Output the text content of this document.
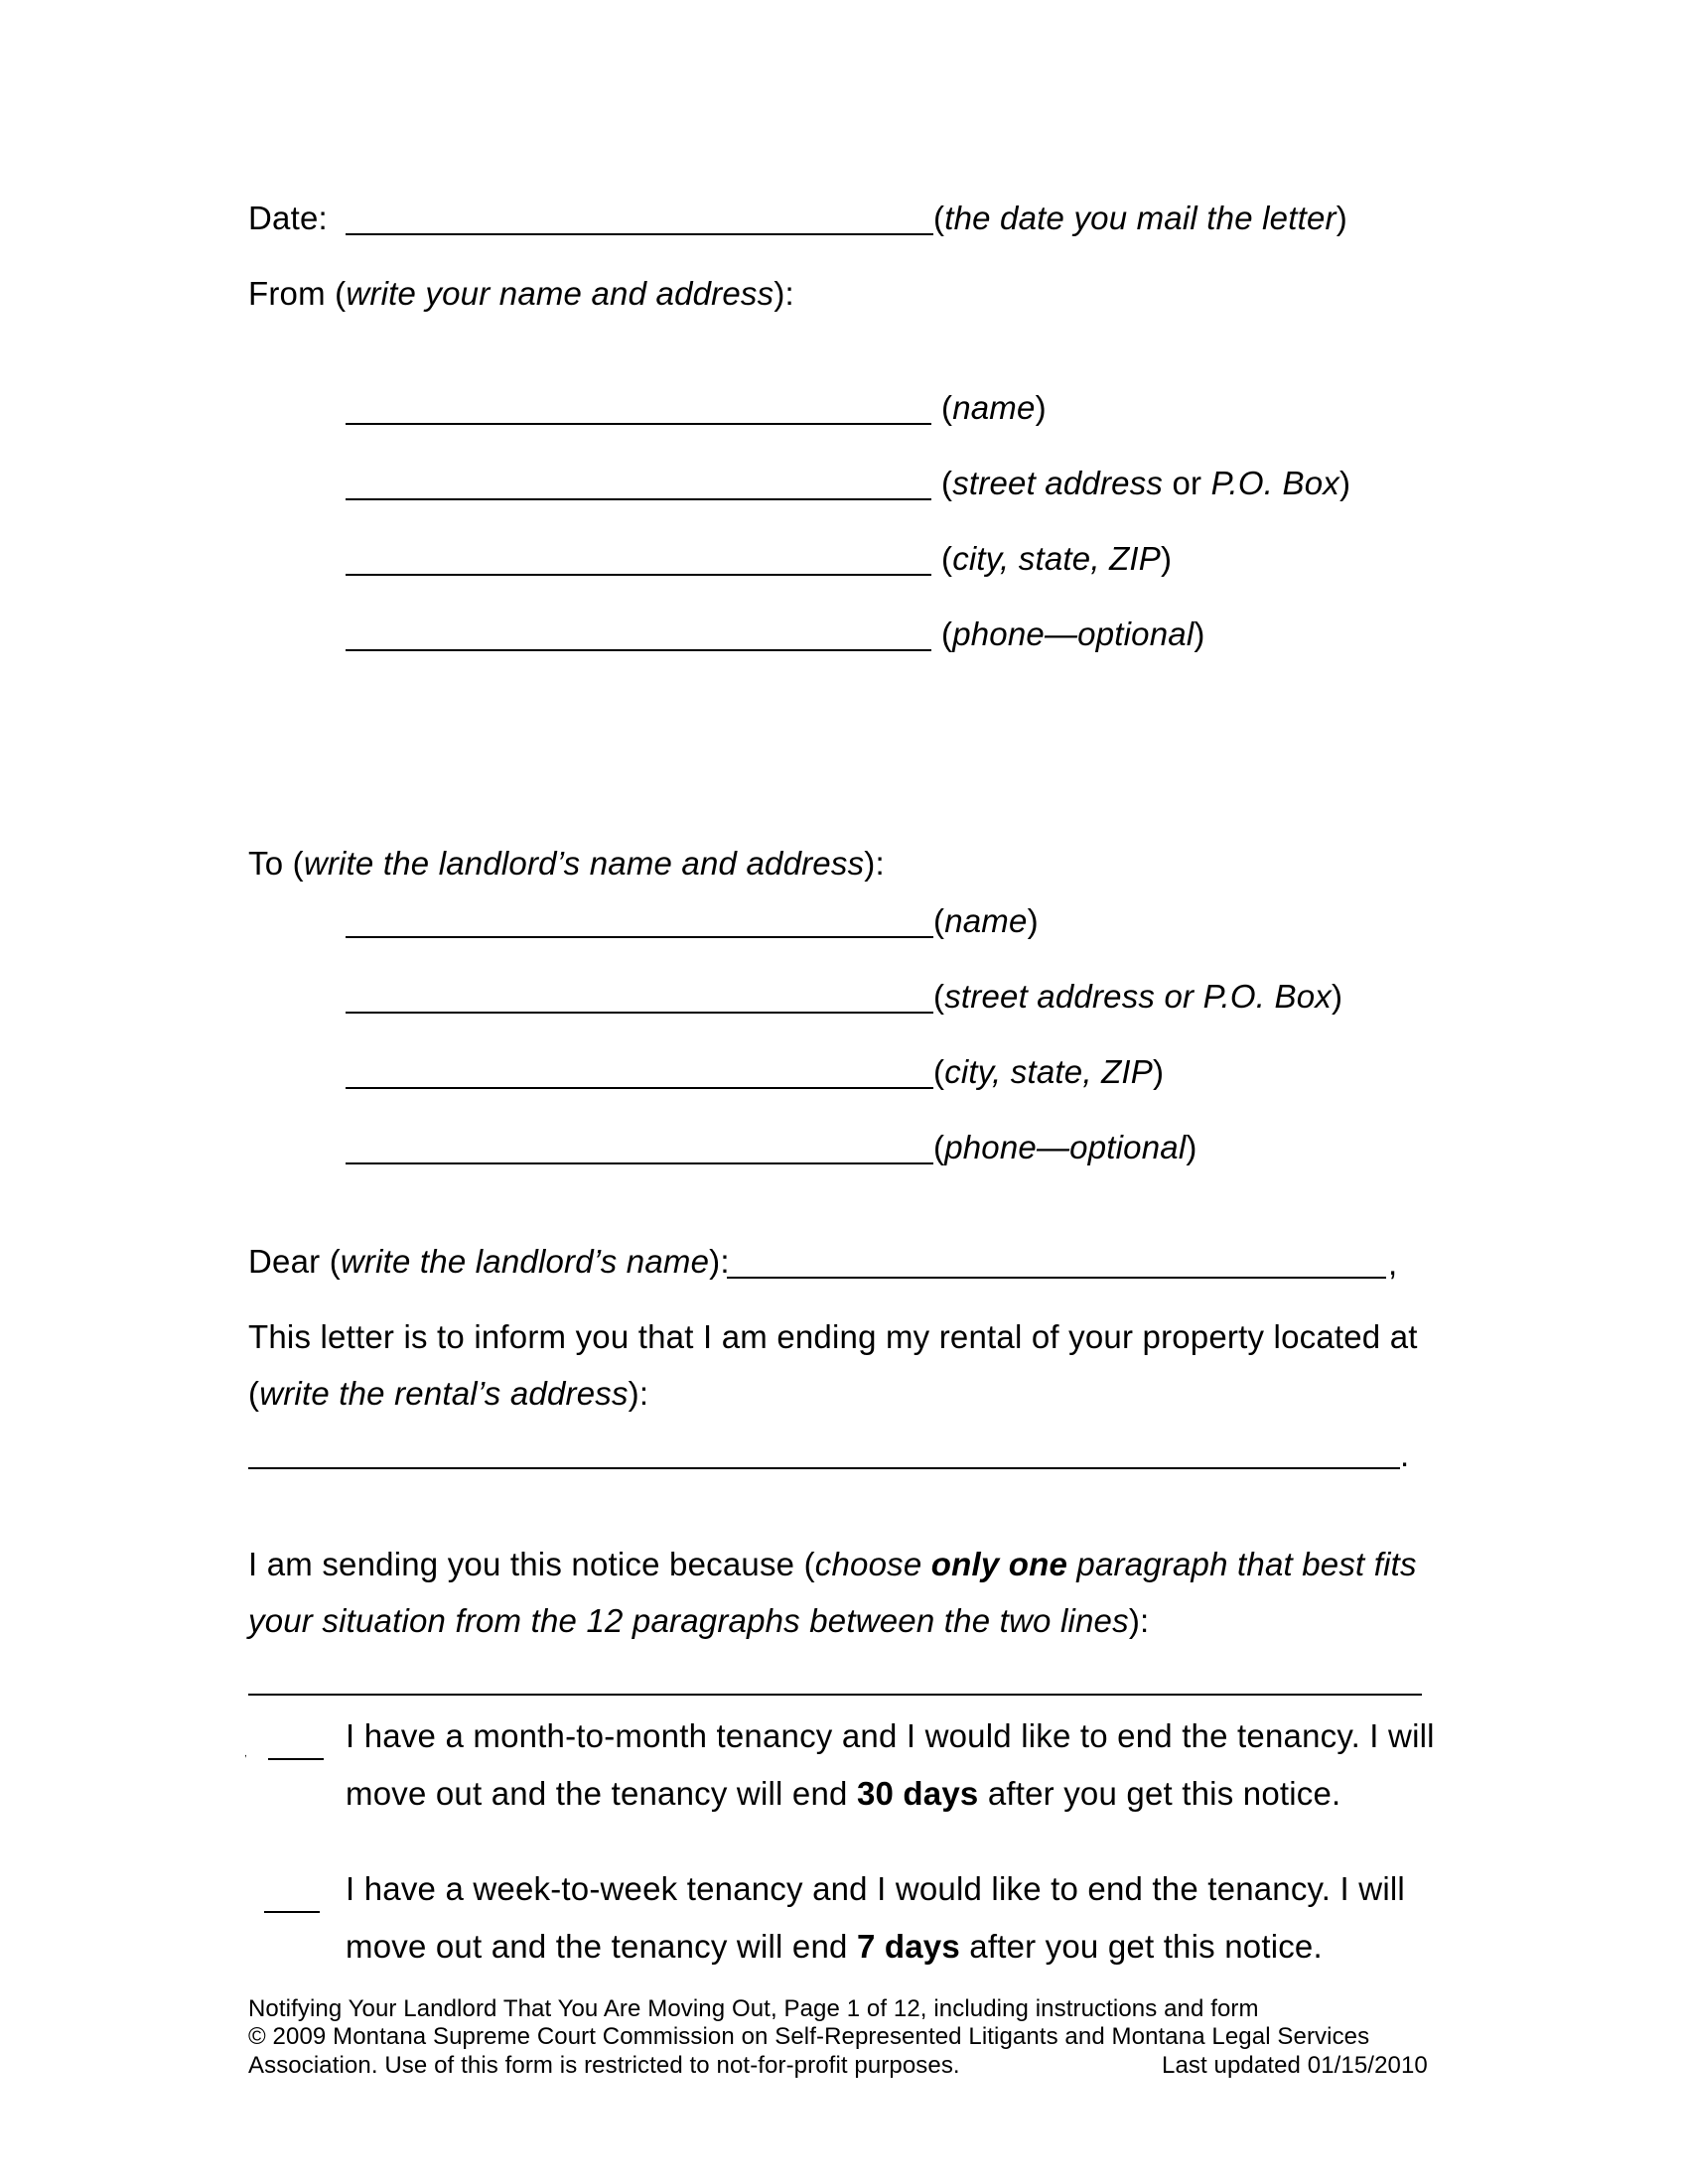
Date:	(the date you mail the letter)
From (write your name and address):
(name)
(street address or P.O. Box)
(city, state, ZIP)
(phone—optional)
To (write the landlord’s name and address):
(name)
(street address or P.O. Box)
(city, state, ZIP)
(phone—optional)
Dear (write the landlord’s name):	,
This letter is to inform you that I am ending my rental of your property located at
(write the rental’s address):
.
I am sending you this notice because (choose only one paragraph that best fits
your situation from the 12 paragraphs between the two lines):
,	I have a month-to-month tenancy and I would like to end the tenancy. I will
move out and the tenancy will end 30 days after you get this notice.
I have a week-to-week tenancy and I would like to end the tenancy. I will
move out and the tenancy will end 7 days after you get this notice.
Notifying Your Landlord That You Are Moving Out, Page 1 of 12, including instructions and form
© 2009 Montana Supreme Court Commission on Self-Represented Litigants and Montana Legal Services
Association. Use of this form is restricted to not-for-profit purposes.	Last updated 01/15/2010
